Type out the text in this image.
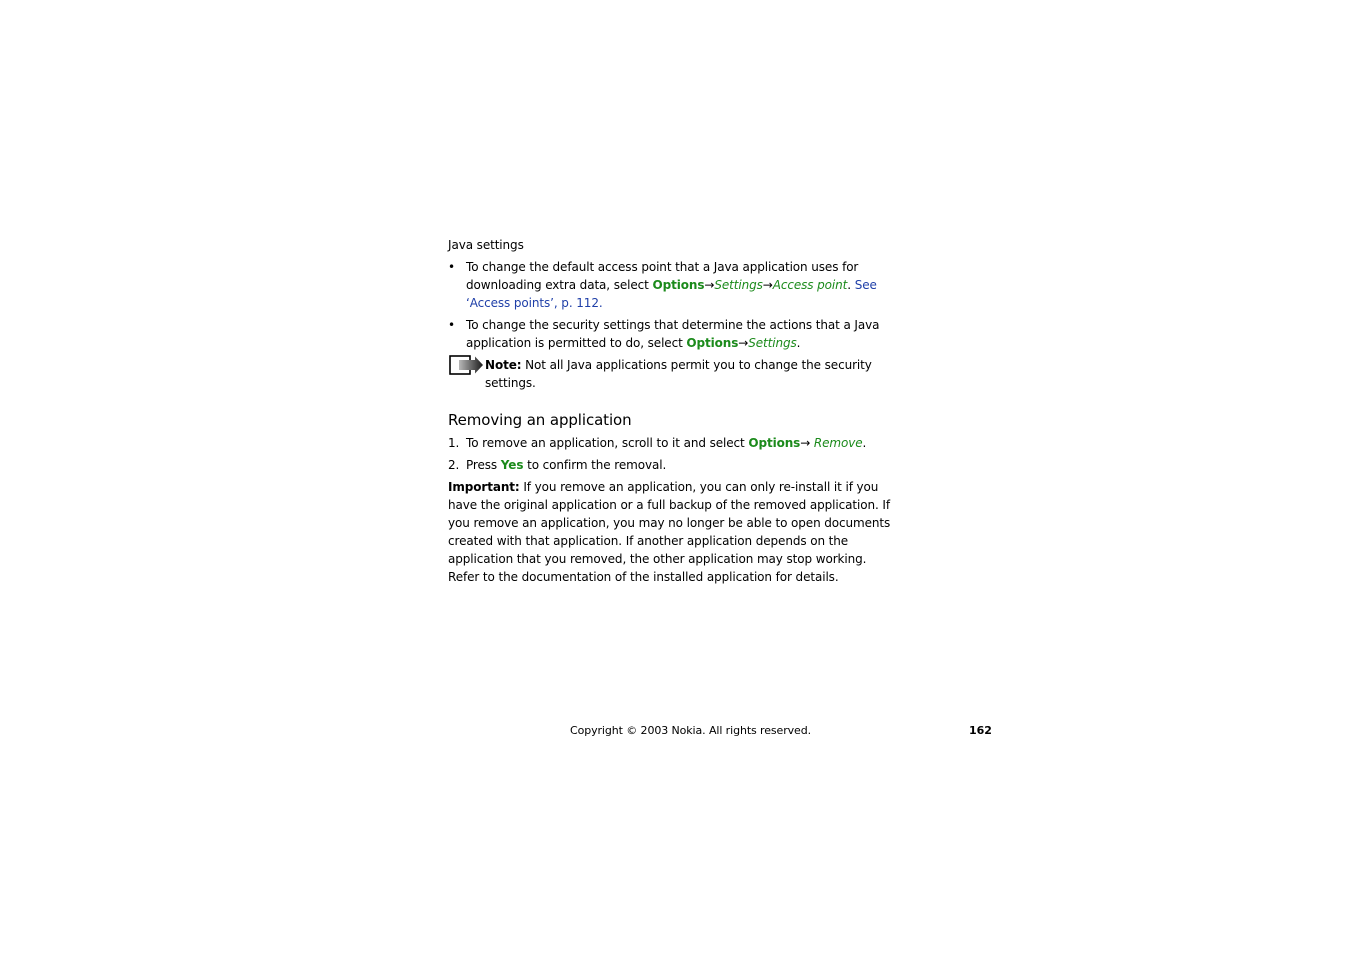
Java settings
• To change the default access point that a Java application uses for downloading extra data, select Options→Settings→Access point. See ‘Access points’, p. 112.
• To change the security settings that determine the actions that a Java application is permitted to do, select Options→Settings.
Note: Not all Java applications permit you to change the security settings.
Removing an application
1. To remove an application, scroll to it and select Options→ Remove.
2. Press Yes to confirm the removal.
Important: If you remove an application, you can only re-install it if you have the original application or a full backup of the removed application. If you remove an application, you may no longer be able to open documents created with that application. If another application depends on the application that you removed, the other application may stop working. Refer to the documentation of the installed application for details.
Copyright © 2003 Nokia. All rights reserved.	162
